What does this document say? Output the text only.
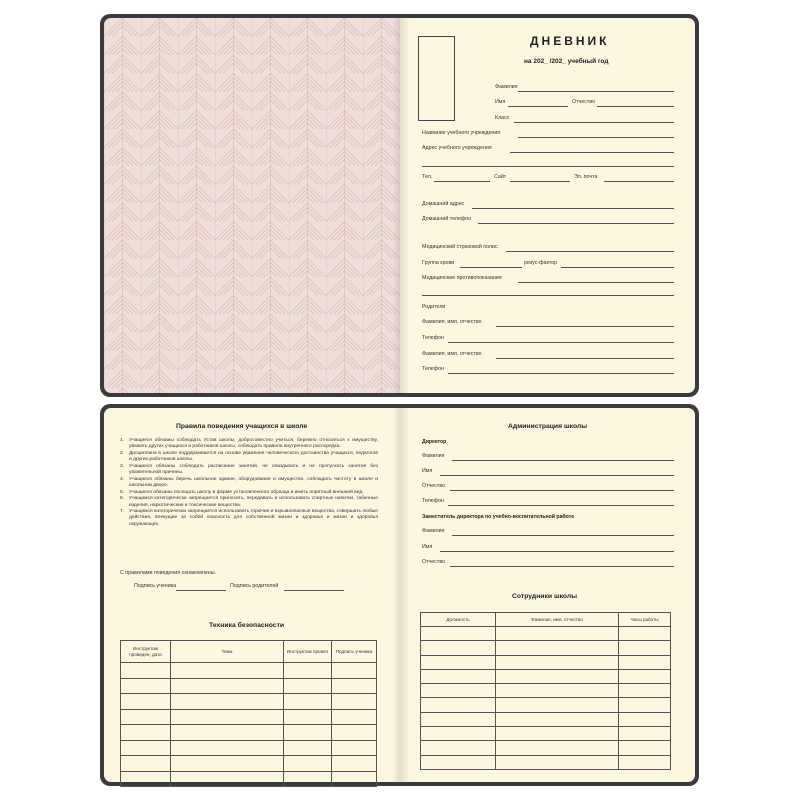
ДНЕВНИК
на 202_ /202_ учебный год
Фамилия
Имя	Отчество
Класс
Название учебного учреждения
Адрес учебного учреждения
Тел.	Сайт	Эл. почта
Домашний адрес
Домашний телефон
Медицинский страховой полис
Группа крови	резус-фактор
Медицинские противопоказания
Родители
Фамилия, имя, отчество
Телефон
Фамилия, имя, отчество
Телефон
Правила поведения учащихся в школе
1. Учащиеся обязаны соблюдать Устав школы, добросовестно учиться, бережно относиться к имуществу, уважать других учащихся и работников школы, соблюдать правила внутреннего распорядка.
2. Дисциплина в школе поддерживается на основе уважения человеческого достоинства учащихся, педагогов и других работников школы.
3. Учащиеся обязаны соблюдать расписание занятий, не опаздывать и не пропускать занятия без уважительной причины.
4. Учащиеся обязаны беречь школьное здание, оборудование и имущество, соблюдать чистоту в школе и школьном дворе.
5. Учащиеся обязаны посещать школу в форме установленного образца и иметь опрятный внешний вид.
6. Учащимся категорически запрещается приносить, передавать и использовать спиртные напитки, табачные изделия, наркотические и токсические вещества.
7. Учащимся категорически запрещается использовать горючие и взрывоопасные вещества, совершать любые действия, влекущие за собой опасность для собственной жизни и здоровья и жизни и здоровья окружающих.
С правилами поведения ознакомлены.
Подпись ученика	Подпись родителей
Техника безопасности
Инструктаж проведен, дата	Тема	Инструктаж провел	Подпись ученика

Администрация школы
Директор
Фамилия
Имя
Отчество
Телефон
Заместитель директора по учебно-воспитательной работе
Фамилия
Имя
Отчество
Сотрудники школы
Должность	Фамилия, имя, отчество	Часы работы
